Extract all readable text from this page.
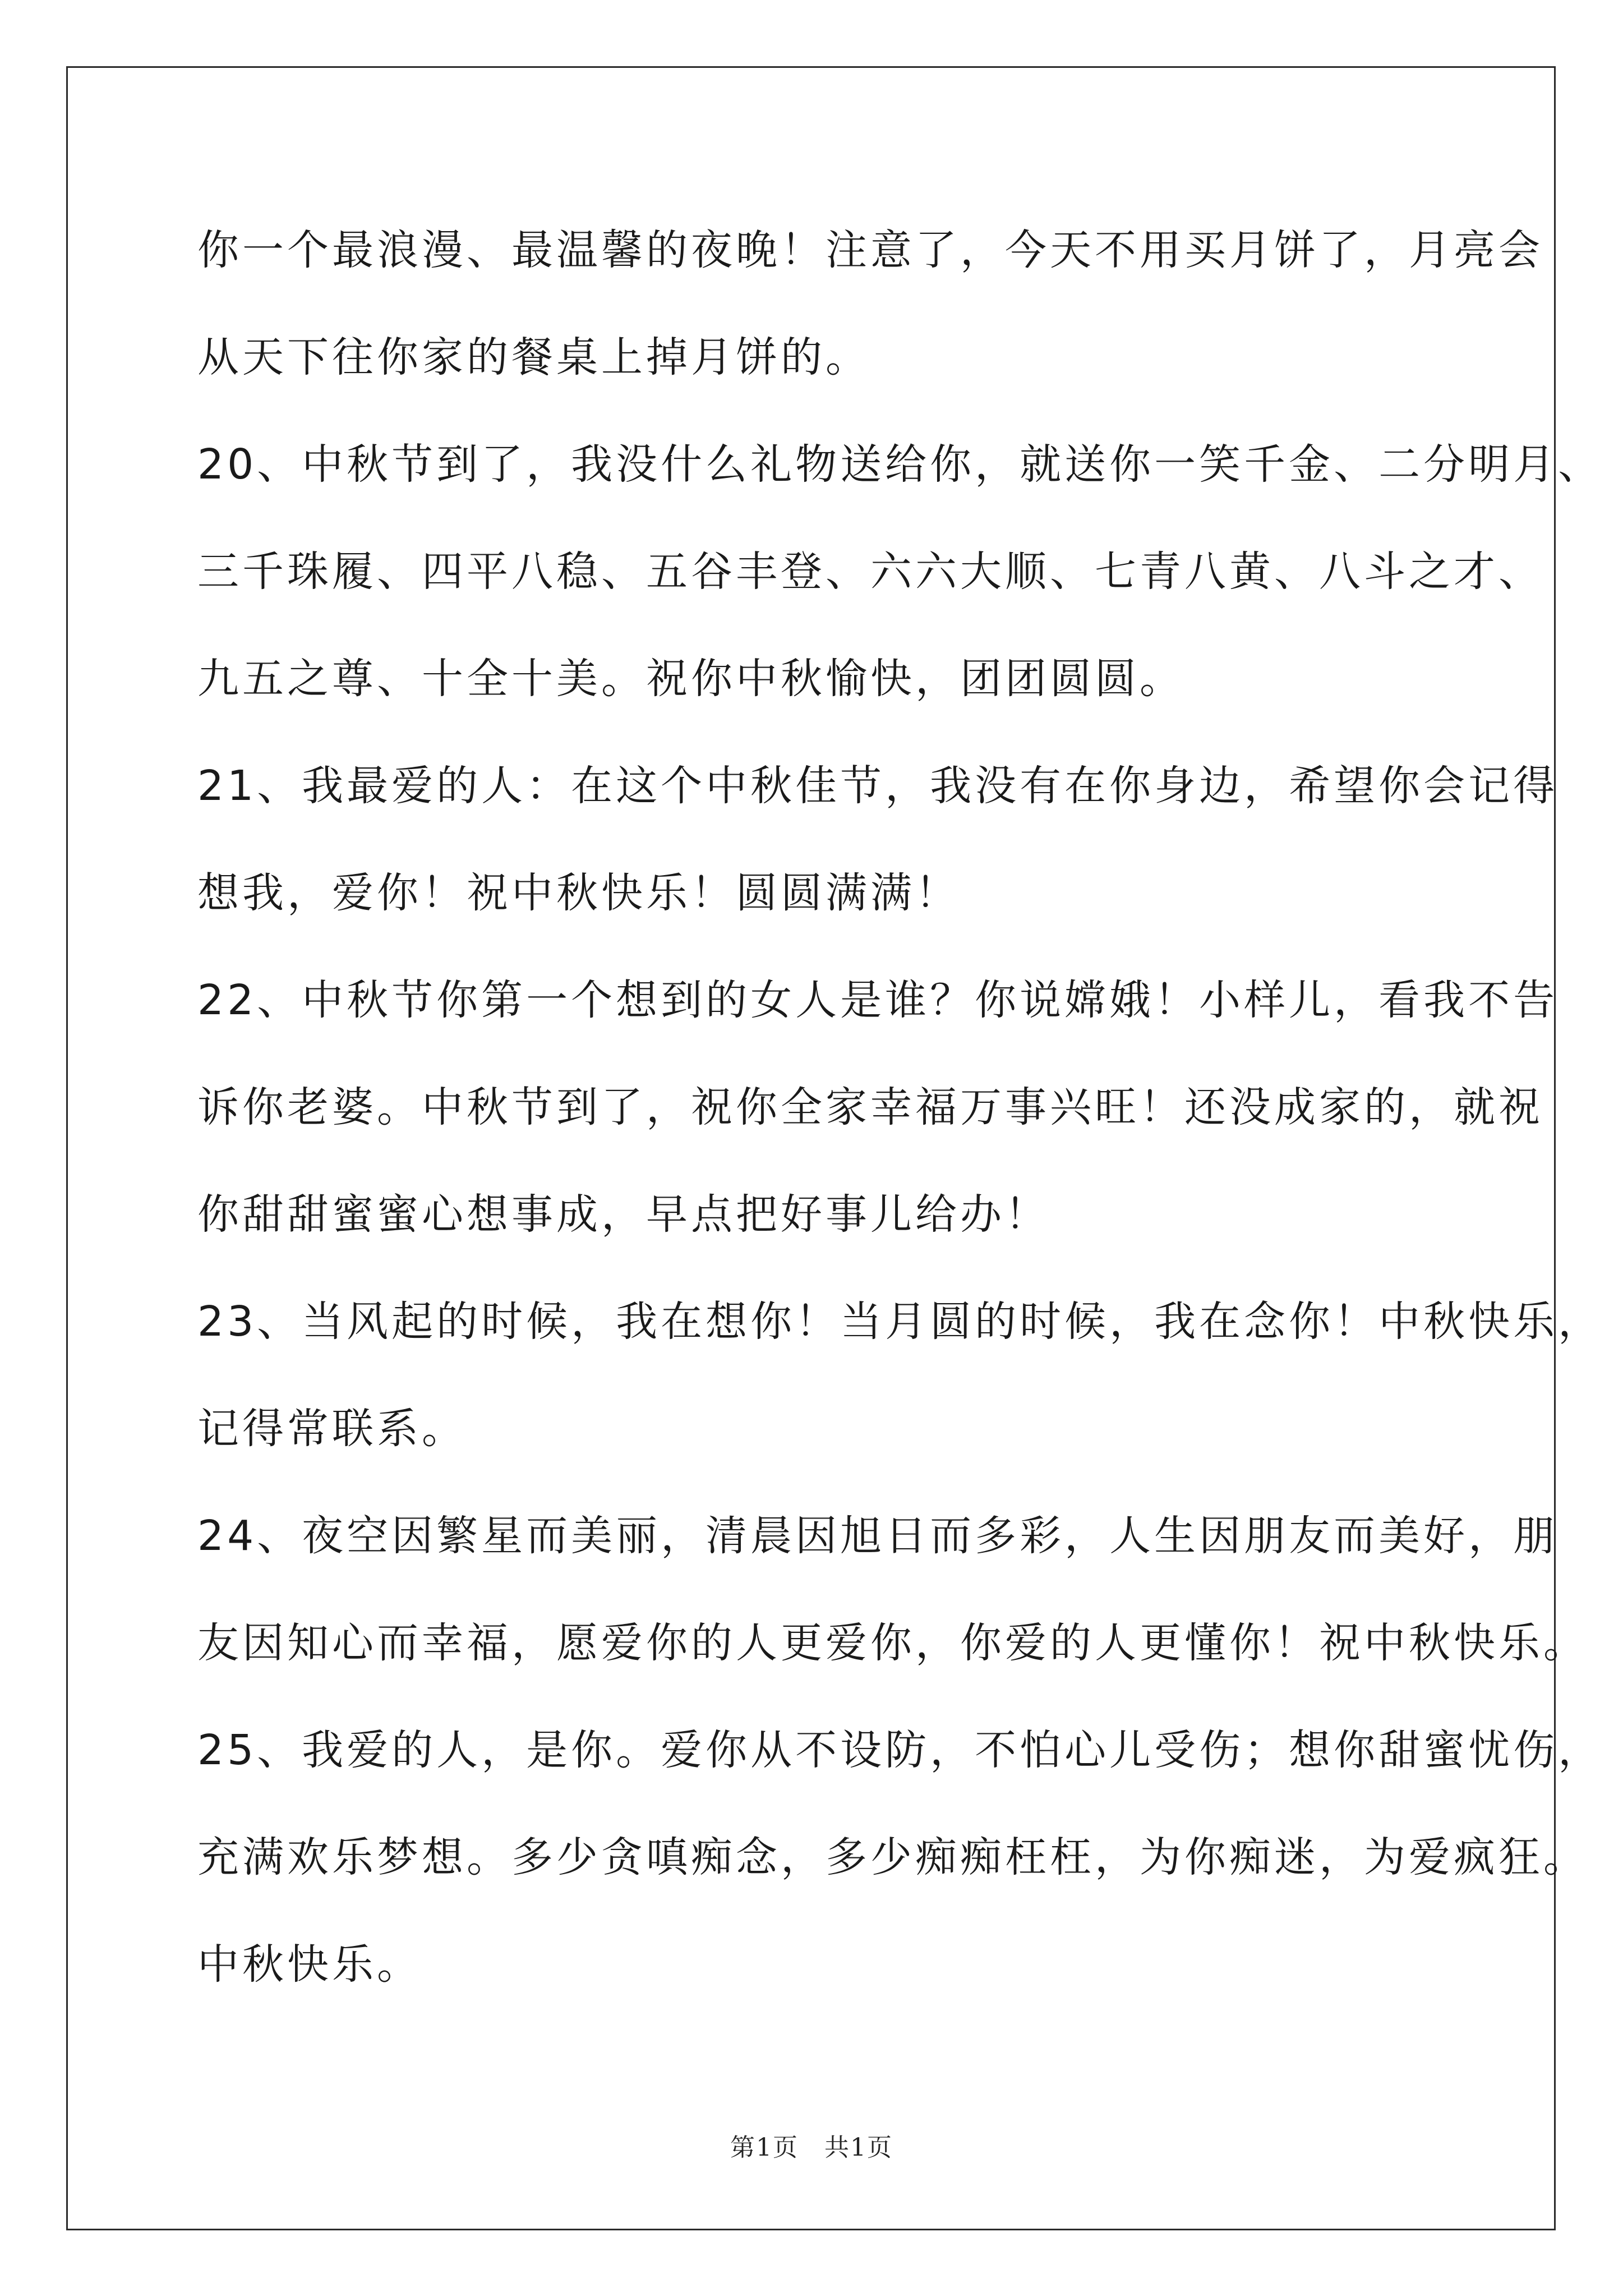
你一个最浪漫、最温馨的夜晚！注意了，今天不用买月饼了，月亮会
从天下往你家的餐桌上掉月饼的。
20、中秋节到了，我没什么礼物送给你，就送你一笑千金、二分明月、
三千珠履、四平八稳、五谷丰登、六六大顺、七青八黄、八斗之才、
九五之尊、十全十美。祝你中秋愉快，团团圆圆。
21、我最爱的人：在这个中秋佳节，我没有在你身边，希望你会记得
想我，爱你！祝中秋快乐！圆圆满满！
22、中秋节你第一个想到的女人是谁？你说嫦娥！小样儿，看我不告
诉你老婆。中秋节到了，祝你全家幸福万事兴旺！还没成家的，就祝
你甜甜蜜蜜心想事成，早点把好事儿给办！
23、当风起的时候，我在想你！当月圆的时候，我在念你！中秋快乐，
记得常联系。
24、夜空因繁星而美丽，清晨因旭日而多彩，人生因朋友而美好，朋
友因知心而幸福，愿爱你的人更爱你，你爱的人更懂你！祝中秋快乐。
25、我爱的人，是你。爱你从不设防，不怕心儿受伤；想你甜蜜忧伤，
充满欢乐梦想。多少贪嗔痴念，多少痴痴枉枉，为你痴迷，为爱疯狂。
中秋快乐。
第1页　共1页
